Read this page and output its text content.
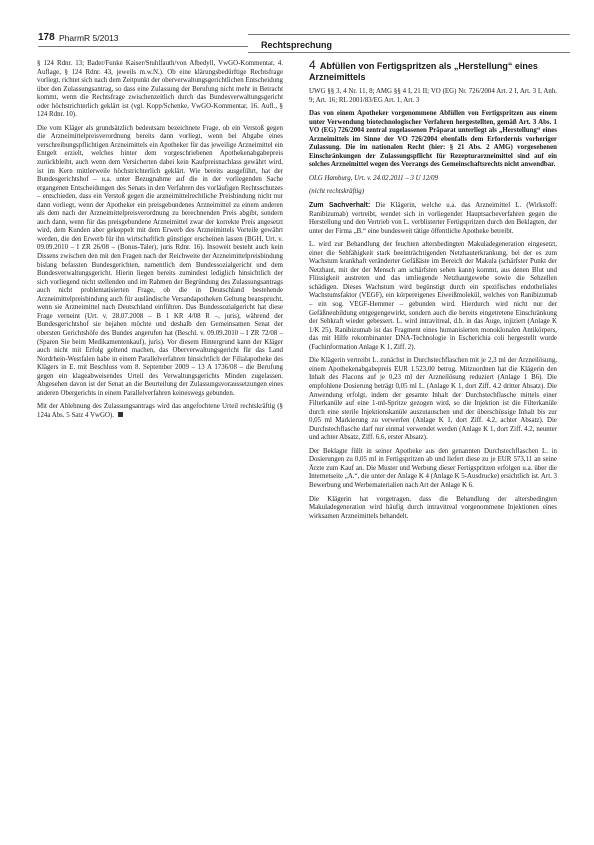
178 PharmR 5/2013
Rechtsprechung

§ 124 Rdnr. 13; Bader/Funke Kaiser/Stuhlfauth/von Albedyll, VwGO-Kommentar, 4. Auflage, § 124 Rdnr. 43, jeweils m.w.N.). Ob eine klärungsbedürftige Rechtsfrage vorliegt, richtet sich nach dem Zeitpunkt der oberverwaltungsgerichtlichen Entscheidung über den Zulassungsantrag, so dass eine Zulassung der Berufung nicht mehr in Betracht kommt, wenn die Rechtsfrage zwischenzeitlich durch das Bundesverwaltungsgericht oder höchstrichterlich geklärt ist (vgl. Kopp/Schenke, VwGO-Kommentar, 16. Aufl., § 124 Rdnr. 10).

Die vom Kläger als grundsätzlich bedeutsam bezeichnete Frage, ob ein Verstoß gegen die Arzneimittelpreisverordnung bereits dann vorliegt, wenn bei Abgabe eines verschreibungspflichtigen Arzneimittels ein Apotheker für das jeweilige Arzneimittel ein Entgelt erzielt, welches hinter dem vorgeschriebenen Apothekenabgabepreis zurückbleibt, auch wenn dem Versicherten dabei kein Kaufpreisnachlass gewährt wird, ist im Kern mittlerweile höchstrichterlich geklärt. Wie bereits ausgeführt, hat der Bundesgerichtshof – u.a. unter Bezugnahme auf die in der vorliegenden Sache ergangenen Entscheidungen des Senats in den Verfahren des vorläufigen Rechtsschutzes – entschieden, dass ein Verstoß gegen die arzneimittelrechtliche Preisbindung nicht nur dann vorliegt, wenn der Apotheker ein preisgebundenes Arzneimittel zu einem anderen als dem nach der Arzneimittelpreisverordnung zu berechnenden Preis abgibt, sondern auch dann, wenn für das preisgebundene Arzneimittel zwar der korrekte Preis angesetzt wird, dem Kunden aber gekoppelt mit dem Erwerb des Arzneimittels Vorteile gewährt werden, die den Erwerb für ihn wirtschaftlich günstiger erscheinen lassen (BGH, Urt. v. 09.09.2010 – I ZR 26/08 – (Bonus-Taler), juris Rdnr. 16). Insoweit besteht auch kein Dissens zwischen den mit den Fragen nach der Reichweite der Arzneimittelpreisbindung bislang befassten Bundesgerichten, namentlich dem Bundessozialgericht und dem Bundesverwaltungsgericht. Hierin liegen bereits zumindest lediglich hinsichtlich der sich vorliegend nicht stellenden und im Rahmen der Begründung des Zulassungsantrags auch nicht problematisierten Frage, ob die in Deutschland bestehende Arzneimittelpreisbindung auch für ausländische Versandapotheken Geltung beansprucht, wenn sie Arzneimittel nach Deutschland einführen. Das Bundessozialgericht hat diese Frage verneint (Urt. v. 28.07.2008 – B 1 KR 4/08 R –, juris), während der Bundesgerichtshof sie bejahen möchte und deshalb den Gemeinsamen Senat der obersten Gerichtshöfe des Bundes angerufen hat (Beschl. v. 09.09.2010 – I ZR 72/08 – (Sparen Sie beim Medikamentenkauf), juris). Vor diesem Hintergrund kann der Kläger auch nicht mit Erfolg geltend machen, das Oberverwaltungsgericht für das Land Nordrhein-Westfalen habe in einem Parallelverfahren hinsichtlich der Filialapotheke des Klägers in E. mit Beschluss vom 8. September 2009 – 13 A 1736/08 – die Berufung gegen ein klageabweisendes Urteil des Verwaltungsgerichts Minden zugelassen. Abgesehen davon ist der Senat an die Beurteilung der Zulassungsvoraussetzungen eines anderen Obergerichts in einem Parallelverfahren keineswegs gebunden.

Mit der Ablehnung des Zulassungsantrags wird das angefochtene Urteil rechtskräftig (§ 124a Abs. 5 Satz 4 VwGO).

4 Abfüllen von Fertigspritzen als „Herstellung“ eines Arzneimittels

UWG §§ 3, 4 Nr. 11, 8; AMG §§ 4 I, 21 II; VO (EG) Nr. 726/2004 Art. 2 I, Art. 3 I, Anh. 9; Art. 16; RL 2001/83/EG Art. 1, Art. 3

Das von einem Apotheker vorgenommene Abfüllen von Fertigspritzen aus einem unter Verwendung biotechnologischer Verfahren hergestellten, gemäß Art. 3 Abs. 1 VO (EG) 726/2004 zentral zugelassenen Präparat unterliegt als „Herstellung“ eines Arzneimittels im Sinne der VO 726/2004 ebenfalls dem Erfordernis vorheriger Zulassung. Die im nationalen Recht (hier: § 21 Abs. 2 AMG) vorgesehenen Einschränkungen der Zulassungspflicht für Rezepturarzneimittel sind auf ein solches Arzneimittel wegen des Vorrangs des Gemeinschaftsrechts nicht anwendbar.

OLG Hamburg, Urt. v. 24.02.2011 – 3 U 12/09

(nicht rechtskräftig)

Zum Sachverhalt: Die Klägerin, welche u.a. das Arzneimittel L. (Wirkstoff: Ranibizumab) vertreibt, wendet sich in vorliegender Hauptsacheverfahren gegen die Herstellung und den Vertrieb von L. verblisterter Fertigspritzen durch den Beklagten, der unter der Firma „B.“ eine bundesweit tätige öffentliche Apotheke betreibt.

L. wird zur Behandlung der feuchten altersbedingten Makuladegeneration eingesetzt, einer die Sehfähigkeit stark beeinträchtigenden Netzhauterkrankung, bei der es zum Wachstum krankhaft veränderter Gefäßäste im Bereich der Makula (schärfster Punkt der Netzhaut, mit der der Mensch am schärfsten sehen kann) kommt, aus denen Blut und Flüssigkeit austreten und das umliegende Netzhautgewebe sowie die Sehzellen schädigen. Dieses Wachstum wird begünstigt durch ein spezifisches endotheliales Wachstumsfaktor (VEGF), ein körpereigenes Eiweißmolekül, welches von Ranibizumab – ein sog. VEGF-Hemmer – gebunden wird. Hierdurch wird nicht nur der Gefäßneubildung entgegengewirkt, sondern auch die bereits eingetretene Einschränkung der Sehkraft wieder gebessert. L. wird intravitreal, d.h. in das Auge, injiziert (Anlage K 1/K 25). Ranibizumab ist das Fragment eines humanisierten monoklonalen Antikörpers, das mit Hilfe rekombinanter DNA-Technologie in Escherichia coli hergestellt wurde (Fachinformation Anlage K 1, Ziff. 2).

Die Klägerin vertreibt L. zunächst in Durchstechflaschen mit je 2,3 ml der Arzneilösung, einem Apothekenabgabepreis EUR 1.523,00 betrug. Mitzuordnen hat die Klägerin den Inhalt des Flacons auf je 0,23 ml der Arzneilösung reduziert (Anlage 1 B6). Die empfohlene Dosierung beträgt 0,05 ml L. (Anlage K 1, dort Ziff. 4.2 dritter Absatz). Die Anwendung erfolgt, indem der gesamte Inhalt der Durchstechflasche mittels einer Filterkanüle auf eine 1-ml-Spritze gezogen wird, so die Injektion ist die Filterkanüle durch eine sterile Injektionskanüle auszutauschen und der überschüssige Inhalt bis zur 0,05 ml Markierung zu verwerfen (Anlage K 1, dort Ziff. 4.2, achter Absatz). Die Durchstechflasche darf nur einmal verwendet werden (Anlage K 1, dort Ziff. 4.2, neunter und achter Absatz, Ziff. 6.6, erster Absatz).

Der Beklagte füllt in seiner Apotheke aus den genannten Durchstechflaschen L. in Dosierungen zu 0,05 ml in Fertigspritzen ab und liefert diese zu je EUR 573,11 an seine Ärzte zum Kauf an. Die Muster und Werbung dieser Fertigspritzen erfolgen u.a. über die Internetseite „A.“, die unter der Anlage K 4 (Anlage K 5-Ausdrucke) ersichtlich ist. Art. 3 Bewerbung und Werbematerialien nach Art der Anlage K 6.

Die Klägerin hat vorgetragen, dass die Behandlung der altersbedingten Makuladegeneration wird häufig durch intravitreal vorgenommene Injektionen eines wirksamen Arzneimittels behandelt.
